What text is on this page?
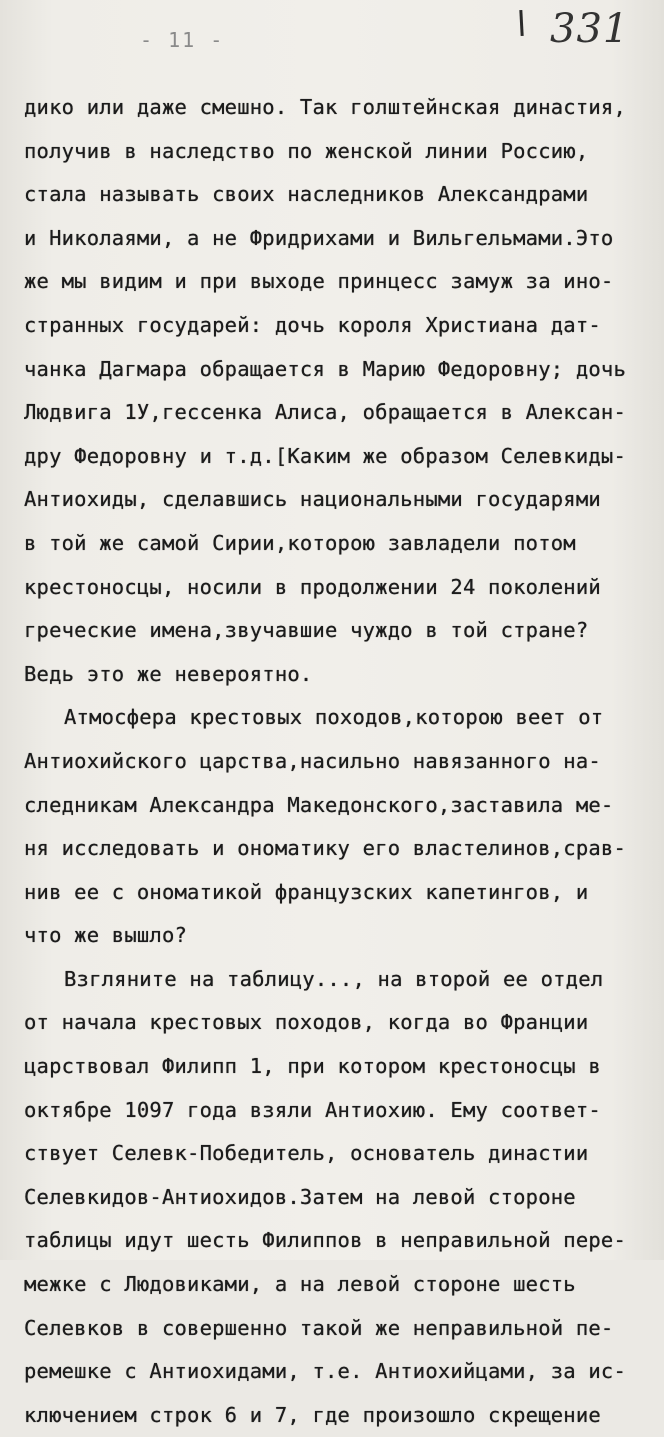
- 11 -	331
дико или даже смешно. Так голштейнская династия,
получив в наследство по женской линии Россию,
стала называть своих наследников Александрами
и Николаями, а не Фридрихами и Вильгельмами.Это
же мы видим и при выходе принцесс замуж за ино-
странных государей: дочь короля Христиана дат-
чанка Дагмара обращается в Марию Федоровну; дочь
Людвига 1У,гессенка Алиса, обращается в Алексан-
дру Федоровну и т.д.[Каким же образом Селевкиды-
Антиохиды, сделавшись национальными государями
в той же самой Сирии,которою завладели потом
крестоносцы, носили в продолжении 24 поколений
греческие имена,звучавшие чуждо в той стране?
Ведь это же невероятно.
Атмосфера крестовых походов,которою веет от
Антиохийского царства,насильно навязанного на-
следникам Александра Македонского,заставила ме-
ня исследовать и ономатику его властелинов,срав-
нив ее с ономатикой французских капетингов, и
что же вышло?
Взгляните на таблицу..., на второй ее отдел
от начала крестовых походов, когда во Франции
царствовал Филипп 1, при котором крестоносцы в
октябре 1097 года взяли Антиохию. Ему соответ-
ствует Селевк-Победитель, основатель династии
Селевкидов-Антиохидов.Затем на левой стороне
таблицы идут шесть Филиппов в неправильной пере-
межке с Людовиками, а на левой стороне шесть
Селевков в совершенно такой же неправильной пе-
ремешке с Антиохидами, т.е. Антиохийцами, за ис-
ключением строк 6 и 7, где произошло скрещение
